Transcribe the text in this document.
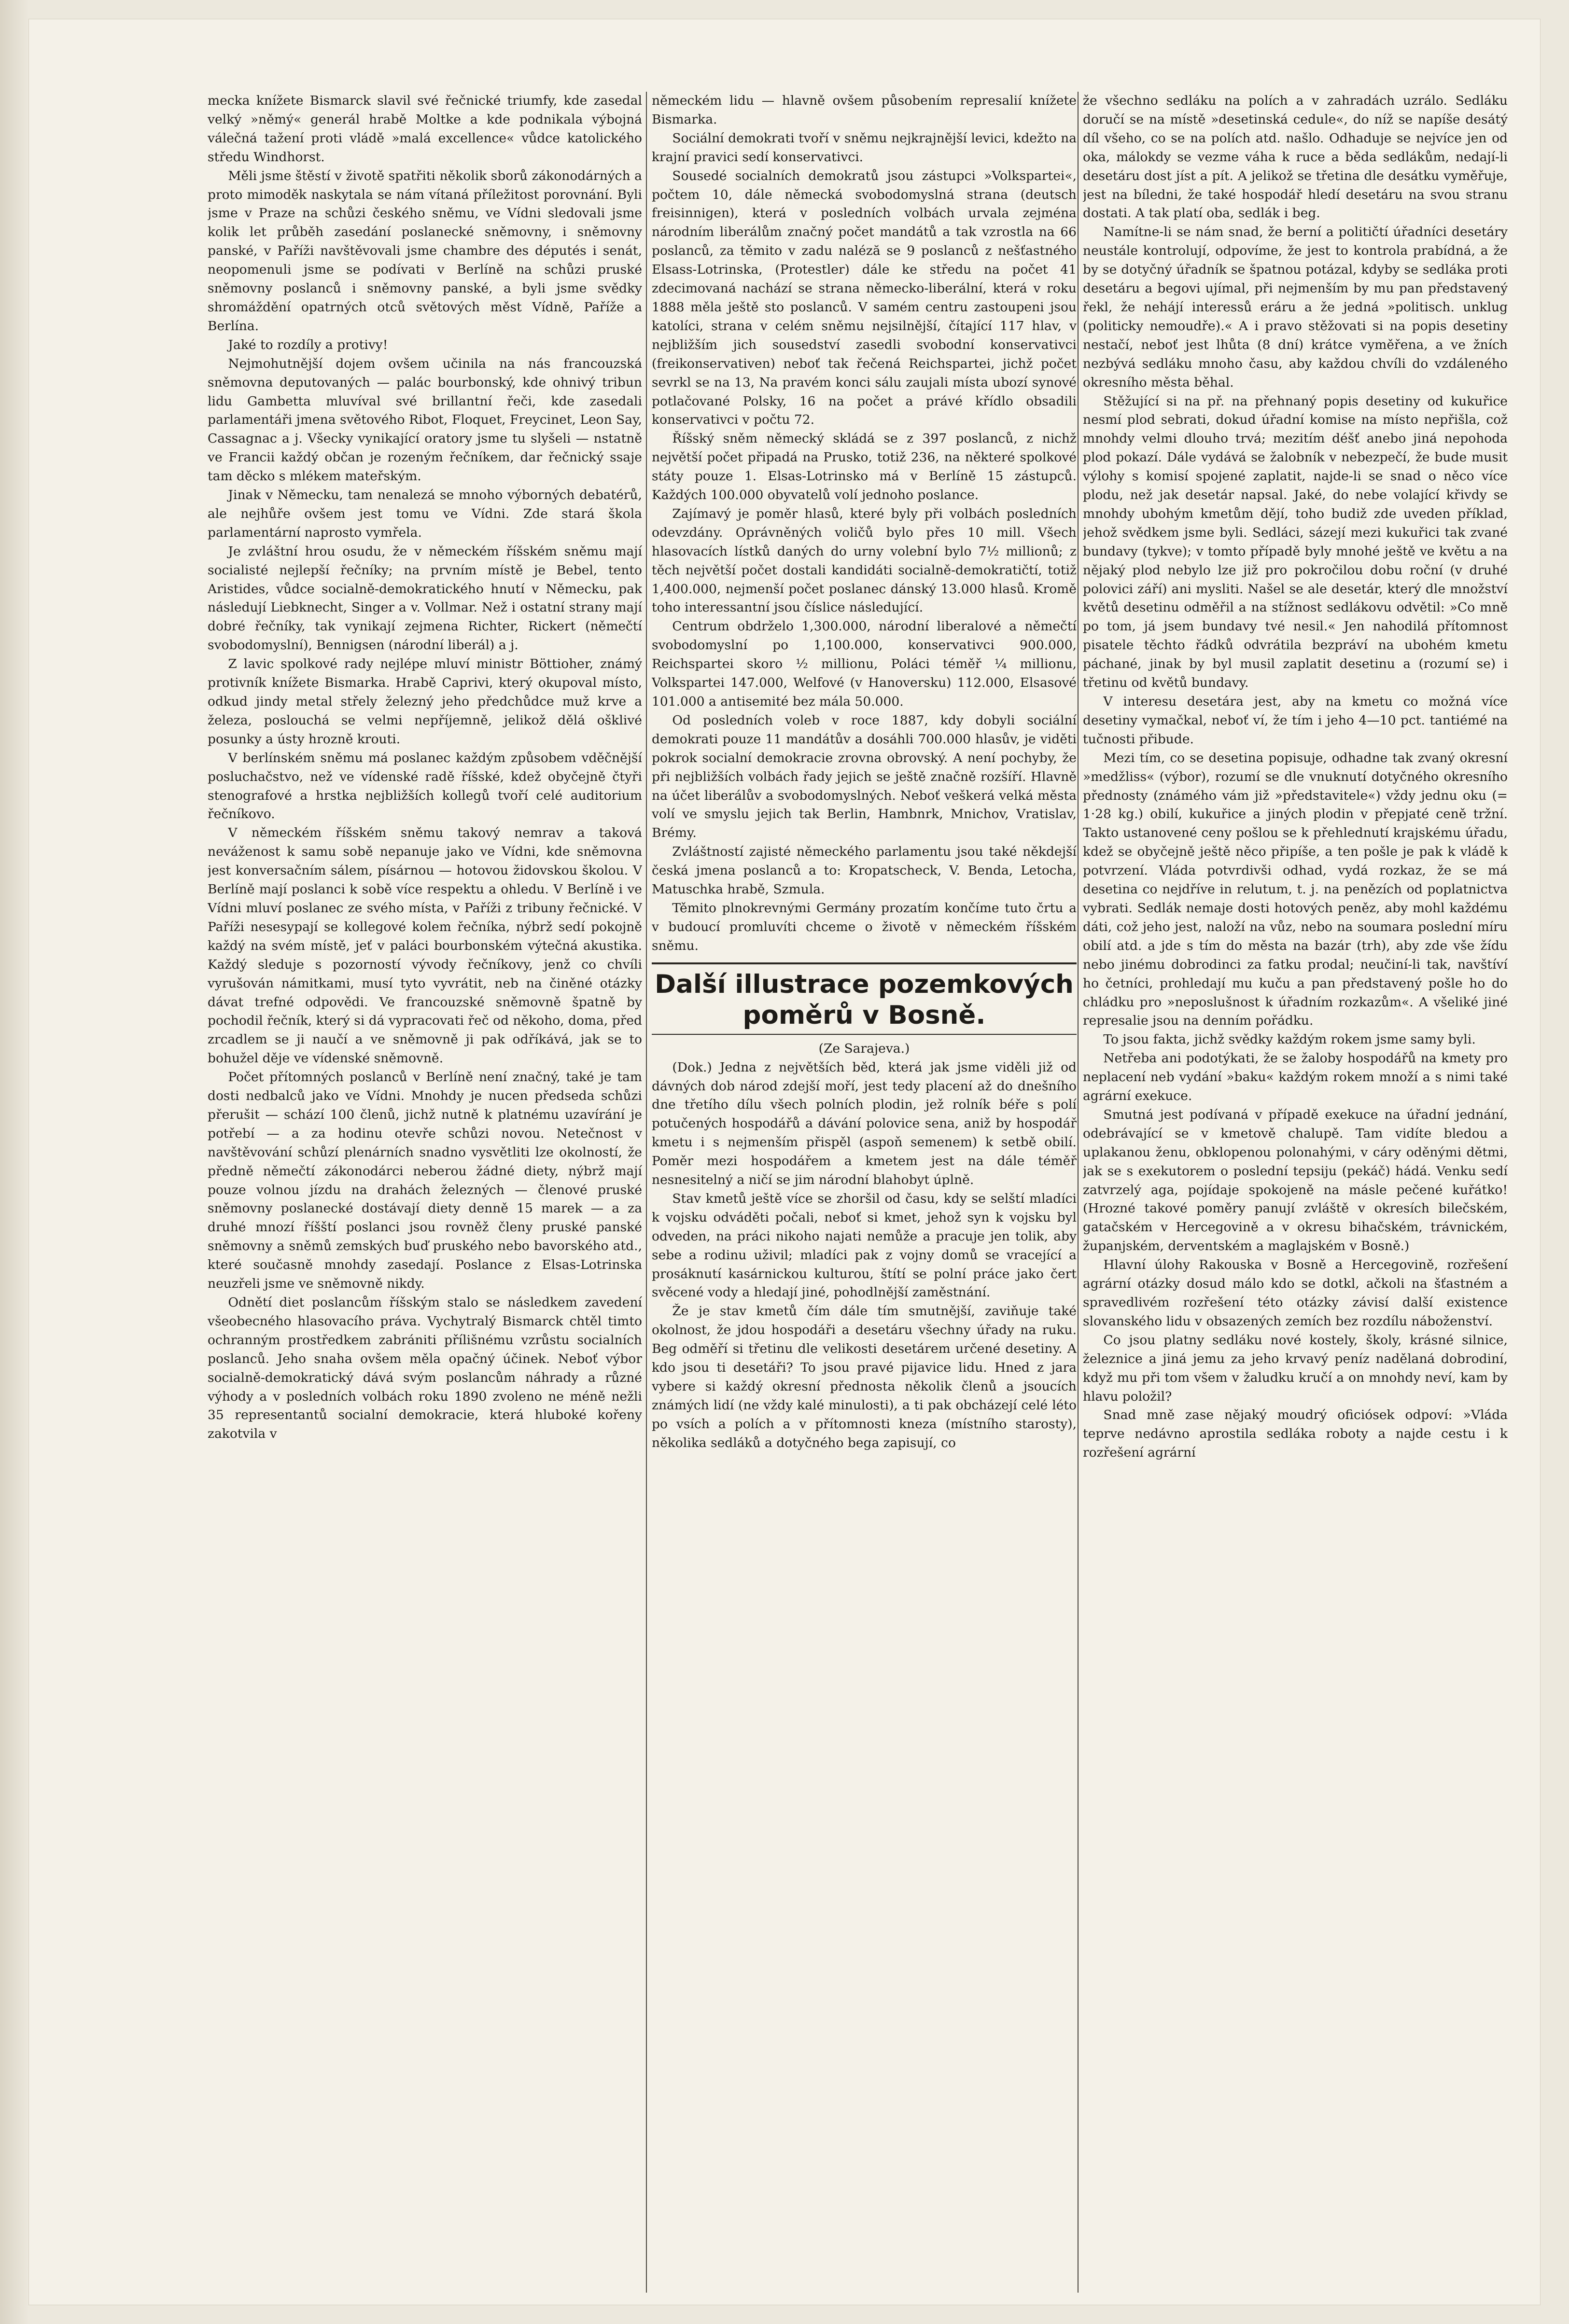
mecka knížete Bismarck slavil své řečnické triumfy, kde zasedal velký »němý« generál hrabě Moltke a kde podnikala výbojná válečná tažení proti vládě »malá excellence« vůdce katolického středu Windhorst.

Měli jsme štěstí v životě spatřiti několik sborů zákonodárných a proto mimoděk naskytala se nám vítaná příležitost porovnání. Byli jsme v Praze na schůzi českého sněmu, ve Vídni sledovali jsme kolik let průběh zasedání poslanecké sněmovny, i sněmovny panské, v Paříži navštěvovali jsme chambre des députés i senát, neopomenuli jsme se podívati v Berlíně na schůzi pruské sněmovny poslanců i sněmovny panské, a byli jsme svědky shromáždění opatrných otců světových měst Vídně, Paříže a Berlína.

Jaké to rozdíly a protivy!

Nejmohutnější dojem ovšem učinila na nás francouzská sněmovna deputovaných — palác bourbonský, kde ohnivý tribun lidu Gambetta mluvíval své brillantní řeči, kde zasedali parlamentáři jmena světového Ribot, Floquet, Freycinet, Leon Say, Cassagnac a j. Všecky vynikající oratory jsme tu slyšeli — nstatně ve Francii každý občan je rozeným řečníkem, dar řečnický ssaje tam děcko s mlékem mateřským.

Jinak v Německu, tam nenalezá se mnoho výborných debatérů, ale nejhůře ovšem jest tomu ve Vídni. Zde stará škola parlamentární naprosto vymřela.

Je zvláštní hrou osudu, že v německém říšském sněmu mají socialisté nejlepší řečníky; na prvním místě je Bebel, tento Aristides, vůdce socialně-demokratického hnutí v Německu, pak následují Liebknecht, Singer a v. Vollmar. Než i ostatní strany mají dobré řečníky, tak vynikají zejmena Richter, Rickert (němečtí svobodomyslní), Bennigsen (národní liberál) a j.

Z lavic spolkové rady nejlépe mluví ministr Böttioher, známý protivník knížete Bismarka. Hrabě Caprivi, který okupoval místo, odkud jindy metal střely železný jeho předchůdce muž krve a železa, poslouchá se velmi nepříjemně, jelikož dělá ošklivé posunky a ústy hrozně krouti.

V berlínském sněmu má poslanec každým způsobem vděčnější posluchačstvo, než ve vídenské radě říšské, kdež obyčejně čtyři stenografové a hrstka nejbližších kollegů tvoří celé auditorium řečníkovo.

V německém říšském sněmu takový nemrav a taková neváženost k samu sobě nepanuje jako ve Vídni, kde sněmovna jest konversačním sálem, písárnou — hotovou židovskou školou. V Berlíně mají poslanci k sobě více respektu a ohledu. V Berlíně i ve Vídni mluví poslanec ze svého místa, v Paříži z tribuny řečnické. V Paříži nesesypají se kollegové kolem řečníka, nýbrž sedí pokojně každý na svém místě, jeť v paláci bourbonském výtečná akustika. Každý sleduje s pozorností vývody řečníkovy, jenž co chvíli vyrušován námitkami, musí tyto vyvrátit, neb na činěné otázky dávat trefné odpovědi. Ve francouzské sněmovně špatně by pochodil řečník, který si dá vypracovati řeč od někoho, doma, před zrcadlem se ji naučí a ve sněmovně ji pak odříkává, jak se to bohužel děje ve vídenské sněmovně.

Počet přítomných poslanců v Berlíně není značný, také je tam dosti nedbalců jako ve Vídni. Mnohdy je nucen předseda schůzi přerušit — schází 100 členů, jichž nutně k platnému uzavírání je potřebí — a za hodinu otevře schůzi novou. Netečnost v navštěvování schůzí plenárních snadno vysvětliti lze okolností, že předně němečtí zákonodárci neberou žádné diety, nýbrž mají pouze volnou jízdu na drahách železných — členové pruské sněmovny poslanecké dostávají diety denně 15 marek — a za druhé mnozí říšští poslanci jsou rovněž členy pruské panské sněmovny a sněmů zemských buď pruského nebo bavorského atd., které současně mnohdy zasedají. Poslance z Elsas-Lotrinska neuzřeli jsme ve sněmovně nikdy.

Odnětí diet poslancům říšským stalo se následkem zavedení všeobecného hlasovacího práva. Vychytralý Bismarck chtěl timto ochranným prostředkem zabrániti přílišnému vzrůstu socialních poslanců. Jeho snaha ovšem měla opačný účinek. Neboť výbor socialně-demokratický dává svým poslancům náhrady a různé výhody a v posledních volbách roku 1890 zvoleno ne méně nežli 35 representantů socialní demokracie, která hluboké kořeny zakotvila v

německém lidu — hlavně ovšem působením represalií knížete Bismarka.

Sociální demokrati tvoří v sněmu nejkrajnější levici, kdežto na krajní pravici sedí konservativci.

Sousedé socialních demokratů jsou zástupci »Volkspartei«, počtem 10, dále německá svobodomyslná strana (deutsch freisinnigen), která v posledních volbách urvala zejména národním liberálům značný počet mandátů a tak vzrostla na 66 poslanců, za těmito v zadu naléză se 9 poslanců z nešťastného Elsass-Lotrinska, (Protestler) dále ke středu na počet 41 zdecimovaná nachází se strana německo-liberální, která v roku 1888 měla ještě sto poslanců. V samém centru zastoupeni jsou katolíci, strana v celém sněmu nejsilnější, čítající 117 hlav, v nejbližším jich sousedství zasedli svobodní konservativci (freikonservativen) neboť tak řečená Reichspartei, jichž počet sevrkl se na 13, Na pravém konci sálu zaujali místa ubozí synové potlačované Polsky, 16 na počet a právé křídlo obsadili konservativci v počtu 72.

Říšský sněm německý skládá se z 397 poslanců, z nichž největší počet připadá na Prusko, totiž 236, na některé spolkové státy pouze 1. Elsas-Lotrinsko má v Berlíně 15 zástupců. Každých 100.000 obyvatelů volí jednoho poslance.

Zajímavý je poměr hlasů, které byly při volbách posledních odevzdány. Oprávněných voličů bylo přes 10 mill. Všech hlasovacích lístků daných do urny volební bylo 7½ millionů; z těch největší počet dostali kandidáti socialně-demokratičtí, totiž 1,400.000, nejmenší počet poslanec dánský 13.000 hlasů. Kromě toho interessantní jsou číslice následující.

Centrum obdrželo 1,300.000, národní liberalové a němečtí svobodomyslní po 1,100.000, konservativci 900.000, Reichspartei skoro ½ millionu, Poláci téměř ¼ millionu, Volkspartei 147.000, Welfové (v Hanoversku) 112.000, Elsasové 101.000 a antisemité bez mála 50.000.

Od posledních voleb v roce 1887, kdy dobyli sociální demokrati pouze 11 mandátův a dosáhli 700.000 hlasův, je viděti pokrok socialní demokracie zrovna obrovský. A není pochyby, že při nejbližších volbách řady jejich se ještě značně rozšíří. Hlavně na účet liberálův a svobodomyslných. Neboť veškerá velká města volí ve smyslu jejich tak Berlin, Hambnrk, Mnichov, Vratislav, Brémy.

Zvláštností zajisté německého parlamentu jsou také někdejší česká jmena poslanců a to: Kropatscheck, V. Benda, Letocha, Matuschka hrabě, Szmula.

Těmito plnokrevnými Germány prozatím končíme tuto črtu a v budoucí promluvíti chceme o životě v německém říšském sněmu.

Další illustrace pozemkových poměrů v Bosně.

(Ze Sarajeva.)

(Dok.) Jedna z největších běd, která jak jsme viděli již od dávných dob národ zdejší moří, jest tedy placení až do dnešního dne třetího dílu všech polních plodin, jež rolník béře s polí potučených hospodářů a dávání polovice sena, aniž by hospodář kmetu i s nejmenším přispěl (aspoň semenem) k setbě obilí. Poměr mezi hospodářem a kmetem jest na dále téměř nesnesitelný a ničí se jim národní blahobyt úplně.

Stav kmetů ještě více se zhoršil od času, kdy se selští mladíci k vojsku odváděti počali, neboť si kmet, jehož syn k vojsku byl odveden, na práci nikoho najati nemůže a pracuje jen tolik, aby sebe a rodinu uživil; mladíci pak z vojny domů se vracející a prosáknutí kasárnickou kulturou, štítí se polní práce jako čert svěcené vody a hledají jiné, pohodlnější zaměstnání.

Že je stav kmetů čím dále tím smutnější, zaviňuje také okolnost, že jdou hospodáři a desetáru všechny úřady na ruku. Beg odměří si třetinu dle velikosti desetárem určené desetiny. A kdo jsou ti desetáři? To jsou pravé pijavice lidu. Hned z jara vybere si každý okresní přednosta několik členů a jsoucích známých lidí (ne vždy kalé minulosti), a ti pak obcházejí celé léto po vsích a polích a v přítomnosti kneza (místního starosty), několika sedláků a dotyčného bega zapisují, co

že všechno sedláku na polích a v zahradách uzrálo. Sedláku doručí se na místě »desetinská cedule«, do níž se napíše desátý díl všeho, co se na polích atd. našlo. Odhaduje se nejvíce jen od oka, málokdy se vezme váha k ruce a běda sedlákům, nedají-li desetáru dost jíst a pít. A jelikož se třetina dle desátku vyměřuje, jest na bíledni, že také hospodář hledí desetáru na svou stranu dostati. A tak platí oba, sedlák i beg.

Namítne-li se nám snad, že berní a političtí úřadníci desetáry neustále kontrolují, odpovíme, že jest to kontrola prabídná, a že by se dotyčný úřadník se špatnou potázal, kdyby se sedláka proti desetáru a begovi ujímal, při nejmenším by mu pan představený řekl, že nehájí interessů eráru a že jedná »politisch. unklug (politicky nemoudře).« A i pravo stěžovati si na popis desetiny nestačí, neboť jest lhůta (8 dní) krátce vyměřena, a ve žních nezbývá sedláku mnoho času, aby každou chvíli do vzdáleného okresního města běhal.

Stěžující si na př. na přehnaný popis desetiny od kukuřice nesmí plod sebrati, dokud úřadní komise na místo nepřišla, což mnohdy velmi dlouho trvá; mezitím déšť anebo jiná nepohoda plod pokazí. Dále vydává se žalobník v nebezpečí, že bude musit výlohy s komisí spojené zaplatit, najde-li se snad o něco více plodu, než jak desetár napsal. Jaké, do nebe volající křivdy se mnohdy ubohým kmetům dějí, toho budiž zde uveden příklad, jehož svědkem jsme byli. Sedláci, sázejí mezi kukuřici tak zvané bundavy (tykve); v tomto případě byly mnohé ještě ve květu a na nějaký plod nebylo lze již pro pokročilou dobu roční (v druhé polovici září) ani mysliti. Našel se ale desetár, který dle množství květů desetinu odměřil a na stížnost sedlákovu odvětil: »Co mně po tom, já jsem bundavy tvé nesil.« Jen nahodilá přítomnost pisatele těchto řádků odvrátila bezpráví na ubohém kmetu páchané, jinak by byl musil zaplatit desetinu a (rozumí se) i třetinu od květů bundavy.

V interesu desetára jest, aby na kmetu co možná více desetiny vymačkal, neboť ví, že tím i jeho 4—10 pct. tantiémé na tučnosti přibude.

Mezi tím, co se desetina popisuje, odhadne tak zvaný okresní »medžliss« (výbor), rozumí se dle vnuknutí dotyčného okresního přednosty (známého vám již »představitele«) vždy jednu oku (= 1·28 kg.) obilí, kukuřice a jiných plodin v přepjaté ceně tržní. Takto ustanovené ceny pošlou se k přehlednutí krajskému úřadu, kdež se obyčejně ještě něco připíše, a ten pošle je pak k vládě k potvrzení. Vláda potvrdivši odhad, vydá rozkaz, že se má desetina co nejdříve in relutum, t. j. na penězích od poplatnictva vybrati. Sedlák nemaje dosti hotových peněz, aby mohl každému dáti, což jeho jest, naloží na vůz, nebo na soumara poslední míru obilí atd. a jde s tím do města na bazár (trh), aby zde vše žídu nebo jinému dobrodinci za fatku prodal; neučiní-li tak, navštíví ho četníci, prohledají mu kuču a pan představený pošle ho do chládku pro »neposlušnost k úřadním rozkazům«. A všeliké jiné represalie jsou na denním pořádku.

To jsou fakta, jichž svědky každým rokem jsme samy byli.

Netřeba ani podotýkati, že se žaloby hospodářů na kmety pro neplacení neb vydání »baku« každým rokem množí a s nimi také agrární exekuce.

Smutná jest podívaná v případě exekuce na úřadní jednání, odebrávající se v kmetově chalupě. Tam vidíte bledou a uplakanou ženu, obklopenou polonahými, v cáry oděnými dětmi, jak se s exekutorem o poslední tepsiju (pekáč) hádá. Venku sedí zatvrzelý aga, pojídaje spokojeně na másle pečené kuřátko! (Hrozné takové poměry panují zvláště v okresích bilečském, gatačském v Hercegovině a v okresu bihačském, trávnickém, županjském, derventském a maglajském v Bosně.)

Hlavní úlohy Rakouska v Bosně a Hercegovině, rozřešení agrární otázky dosud málo kdo se dotkl, ačkoli na šťastném a spravedlivém rozřešení této otázky závisí další existence slovanského lidu v obsazených zemích bez rozdílu náboženství.

Co jsou platny sedláku nové kostely, školy, krásné silnice, železnice a jiná jemu za jeho krvavý peníz nadělaná dobrodiní, když mu při tom všem v žaludku kručí a on mnohdy neví, kam by hlavu položil?

Snad mně zase nějaký moudrý oficiósek odpoví: »Vláda teprve nedávno aprostila sedláka roboty a najde cestu i k rozřešení agrární
